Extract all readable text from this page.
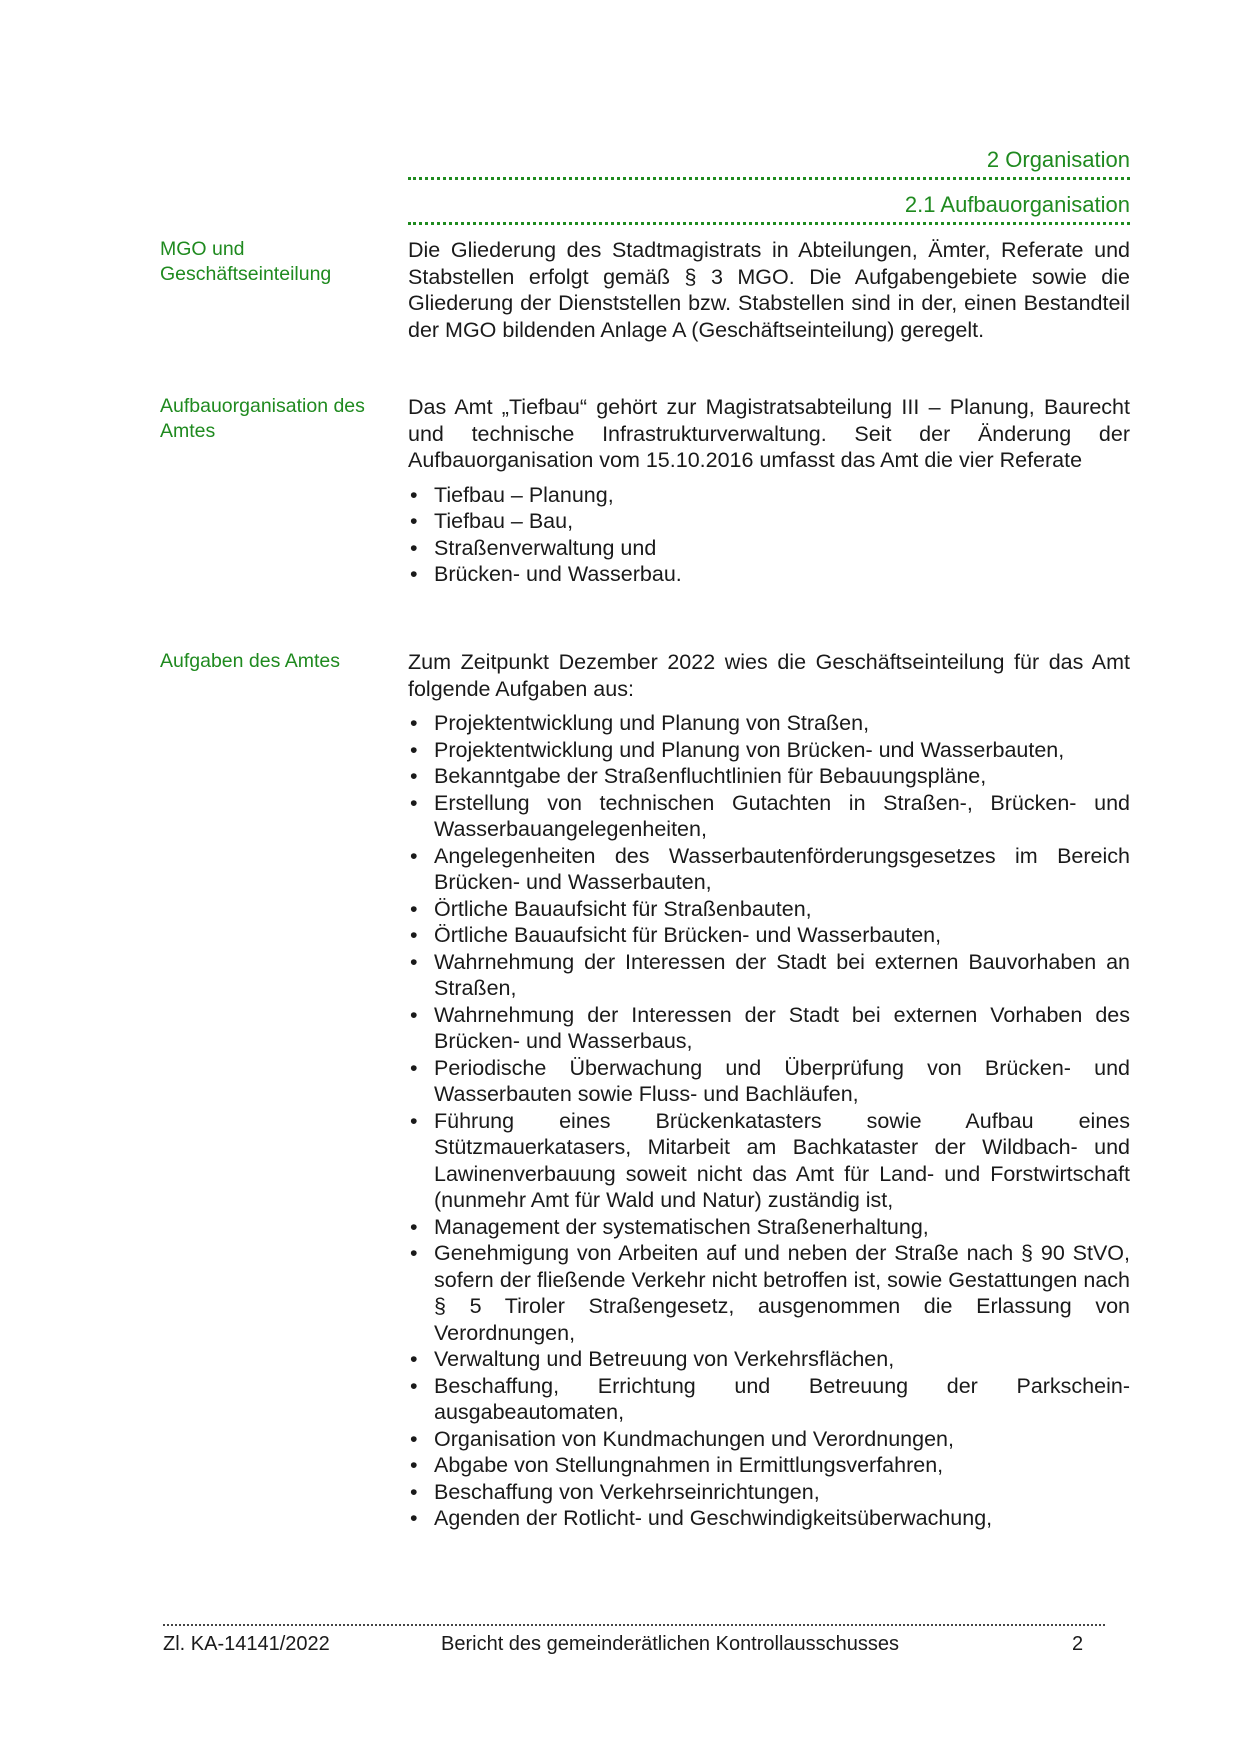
2 Organisation
2.1 Aufbauorganisation
MGO und
Geschäftseinteilung

Die Gliederung des Stadtmagistrats in Abteilungen, Ämter, Referate und Stabstellen erfolgt gemäß § 3 MGO. Die Aufgabengebiete sowie die Gliederung der Dienststellen bzw. Stabstellen sind in der, einen Bestandteil der MGO bildenden Anlage A (Geschäftseinteilung) geregelt.

Aufbauorganisation des
Amtes

Das Amt „Tiefbau“ gehört zur Magistratsabteilung III – Planung, Baurecht und technische Infrastrukturverwaltung. Seit der Änderung der Aufbauorganisation vom 15.10.2016 umfasst das Amt die vier Referate

• Tiefbau – Planung,
• Tiefbau – Bau,
• Straßenverwaltung und
• Brücken- und Wasserbau.
Aufgaben des Amtes	Zum Zeitpunkt Dezember 2022 wies die Geschäftseinteilung für das Amt folgende Aufgaben aus:

• Projektentwicklung und Planung von Straßen,
• Projektentwicklung und Planung von Brücken- und Wasserbauten,
• Bekanntgabe der Straßenfluchtlinien für Bebauungspläne,
• Erstellung von technischen Gutachten in Straßen-, Brücken- und Wasserbauangelegenheiten,
• Angelegenheiten des Wasserbautenförderungsgesetzes im Bereich Brücken- und Wasserbauten,
• Örtliche Bauaufsicht für Straßenbauten,
• Örtliche Bauaufsicht für Brücken- und Wasserbauten,
• Wahrnehmung der Interessen der Stadt bei externen Bauvorhaben an Straßen,
• Wahrnehmung der Interessen der Stadt bei externen Vorhaben des Brücken- und Wasserbaus,
• Periodische Überwachung und Überprüfung von Brücken- und Wasserbauten sowie Fluss- und Bachläufen,
• Führung eines Brückenkatasters sowie Aufbau eines Stützmauerkatasers, Mitarbeit am Bachkataster der Wildbach- und Lawinenverbauung soweit nicht das Amt für Land- und Forstwirtschaft (nunmehr Amt für Wald und Natur) zuständig ist,
• Management der systematischen Straßenerhaltung,
• Genehmigung von Arbeiten auf und neben der Straße nach § 90 StVO, sofern der fließende Verkehr nicht betroffen ist, sowie Gestattungen nach § 5 Tiroler Straßengesetz, ausgenommen die Erlassung von Verordnungen,
• Verwaltung und Betreuung von Verkehrsflächen,
• Beschaffung, Errichtung und Betreuung der Parkschein-ausgabeautomaten,
• Organisation von Kundmachungen und Verordnungen,
• Abgabe von Stellungnahmen in Ermittlungsverfahren,
• Beschaffung von Verkehrseinrichtungen,
• Agenden der Rotlicht- und Geschwindigkeitsüberwachung,
Zl. KA-14141/2022	Bericht des gemeinderätlichen Kontrollausschusses	2
